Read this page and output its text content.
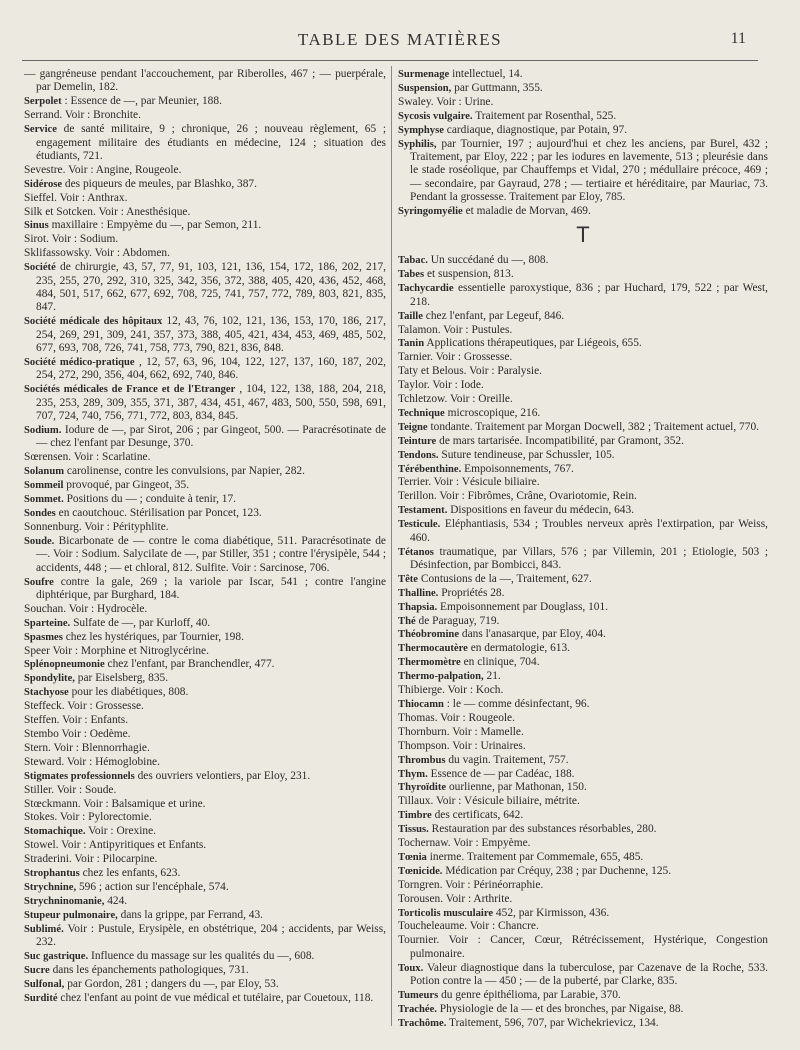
TABLE DES MATIÈRES	11
— gangréneuse pendant l'accouchement, par Riberolles, 467 ; — puerpérale, par Demelin, 182.
Serpolet : Essence de —, par Meunier, 188.
Serrand. Voir : Bronchite.
Service de santé militaire, 9 ; chronique, 26 ; nouveau règlement, 65 ; engagement militaire des étudiants en médecine, 124 ; situation des étudiants, 721.
Sevestre. Voir : Angine, Rougeole.
Sidérose des piqueurs de meules, par Blashko, 387.
Sieffel. Voir : Anthrax.
Silk et Sotcken. Voir : Anesthésique.
Sinus maxillaire : Empyème du —, par Semon, 211.
Sirot. Voir : Sodium.
Sklifassowsky. Voir : Abdomen.
Société de chirurgie, 43, 57, 77, 91, 103, 121, 136, 154, 172, 186, 202, 217, 235, 255, 270, 292, 310, 325, 342, 356, 372, 388, 405, 420, 436, 452, 468, 484, 501, 517, 662, 677, 692, 708, 725, 741, 757, 772, 789, 803, 821, 835, 847.
Société médicale des hôpitaux 12, 43, 76, 102, 121, 136, 153, 170, 186, 217, 254, 269, 291, 309, 241, 357, 373, 388, 405, 421, 434, 453, 469, 485, 502, 677, 693, 708, 726, 741, 758, 773, 790, 821, 836, 848.
Société médico-pratique , 12, 57, 63, 96, 104, 122, 127, 137, 160, 187, 202, 254, 272, 290, 356, 404, 662, 692, 740, 846.
Sociétés médicales de France et de l'Etranger , 104, 122, 138, 188, 204, 218, 235, 253, 289, 309, 355, 371, 387, 434, 451, 467, 483, 500, 550, 598, 691, 707, 724, 740, 756, 771, 772, 803, 834, 845.
Sodium. Iodure de —, par Sirot, 206 ; par Gingeot, 500. — Paracrésotinate de — chez l'enfant par Desunge, 370.
Sœrensen. Voir : Scarlatine.
Solanum carolinense, contre les convulsions, par Napier, 282.
Sommeil provoqué, par Gingeot, 35.
Sommet. Positions du — ; conduite à tenir, 17.
Sondes en caoutchouc. Stérilisation par Poncet, 123.
Sonnenburg. Voir : Pérityphlite.
Soude. Bicarbonate de — contre le coma diabétique, 511. Paracrésotinate de —. Voir : Sodium. Salycilate de —, par Stiller, 351 ; contre l'érysipèle, 544 ; accidents, 448 ; — et chloral, 812. Sulfite. Voir : Sarcinose, 706.
Soufre contre la gale, 269 ; la variole par Iscar, 541 ; contre l'angine diphtérique, par Burghard, 184.
Souchan. Voir : Hydrocèle.
Sparteine. Sulfate de —, par Kurloff, 40.
Spasmes chez les hystériques, par Tournier, 198.
Speer Voir : Morphine et Nitroglycérine.
Splénopneumonie chez l'enfant, par Branchendler, 477.
Spondylite, par Eiselsberg, 835.
Stachyose pour les diabétiques, 808.
Steffeck. Voir : Grossesse.
Steffen. Voir : Enfants.
Stembo Voir : Oedème.
Stern. Voir : Blennorrhagie.
Steward. Voir : Hémoglobine.
Stigmates professionnels des ouvriers velontiers, par Eloy, 231.
Stiller. Voir : Soude.
Stœckmann. Voir : Balsamique et urine.
Stokes. Voir : Pylorectomie.
Stomachique. Voir : Orexine.
Stowel. Voir : Antipyritiques et Enfants.
Straderini. Voir : Pilocarpine.
Strophantus chez les enfants, 623.
Strychnine, 596 ; action sur l'encéphale, 574.
Strychninomanie, 424.
Stupeur pulmonaire, dans la grippe, par Ferrand, 43.
Sublimé. Voir : Pustule, Erysipèle, en obstétrique, 204 ; accidents, par Weiss, 232.
Suc gastrique. Influence du massage sur les qualités du —, 608.
Sucre dans les épanchements pathologiques, 731.
Sulfonal, par Gordon, 281 ; dangers du —, par Eloy, 53.
Surdité chez l'enfant au point de vue médical et tutélaire, par Couetoux, 118.
Surmenage intellectuel, 14.
Suspension, par Guttmann, 355.
Swaley. Voir : Urine.
Sycosis vulgaire. Traitement par Rosenthal, 525.
Symphyse cardiaque, diagnostique, par Potain, 97.
Syphilis, par Tournier, 197 ; aujourd'hui et chez les anciens, par Burel, 432 ; Traitement, par Eloy, 222 ; par les iodures en lavemente, 513 ; pleurésie dans le stade roséolique, par Chauffemps et Vidal, 270 ; médullaire précoce, 469 ; — secondaire, par Gayraud, 278 ; — tertiaire et héréditaire, par Mauriac, 73. Pendant la grossesse. Traitement par Eloy, 785.
Syringomyélie et maladie de Morvan, 469.
T
Tabac. Un succédané du —, 808.
Tabes et suspension, 813.
Tachycardie essentielle paroxystique, 836 ; par Huchard, 179, 522 ; par West, 218.
Taille chez l'enfant, par Legeuf, 846.
Talamon. Voir : Pustules.
Tanin Applications thérapeutiques, par Liégeois, 655.
Tarnier. Voir : Grossesse.
Taty et Belous. Voir : Paralysie.
Taylor. Voir : Iode.
Tchletzow. Voir : Oreille.
Technique microscopique, 216.
Teigne tondante. Traitement par Morgan Docwell, 382 ; Traitement actuel, 770.
Teinture de mars tartarisée. Incompatibilité, par Gramont, 352.
Tendons. Suture tendineuse, par Schussler, 105.
Térébenthine. Empoisonnements, 767.
Terrier. Voir : Vésicule biliaire.
Terillon. Voir : Fibrômes, Crâne, Ovariotomie, Rein.
Testament. Dispositions en faveur du médecin, 643.
Testicule. Eléphantiasis, 534 ; Troubles nerveux après l'extirpation, par Weiss, 460.
Tétanos traumatique, par Villars, 576 ; par Villemin, 201 ; Etiologie, 503 ; Désinfection, par Bombicci, 843.
Tête Contusions de la —, Traitement, 627.
Thalline. Propriétés 28.
Thapsia. Empoisonnement par Douglass, 101.
Thé de Paraguay, 719.
Théobromine dans l'anasarque, par Eloy, 404.
Thermocautère en dermatologie, 613.
Thermomètre en clinique, 704.
Thermo-palpation, 21.
Thibierge. Voir : Koch.
Thiocamn : le — comme désinfectant, 96.
Thomas. Voir : Rougeole.
Thornburn. Voir : Mamelle.
Thompson. Voir : Urinaires.
Thrombus du vagin. Traitement, 757.
Thym. Essence de — par Cadéac, 188.
Thyroïdite ourlienne, par Mathonan, 150.
Tillaux. Voir : Vésicule biliaire, métrite.
Timbre des certificats, 642.
Tissus. Restauration par des substances résorbables, 280.
Tochernaw. Voir : Empyème.
Tœnia inerme. Traitement par Commemale, 655, 485.
Tœnicide. Médication par Créquy, 238 ; par Duchenne, 125.
Torngren. Voir : Périnéorraphie.
Torousen. Voir : Arthrite.
Torticolis musculaire 452, par Kirmisson, 436.
Toucheleaume. Voir : Chancre.
Tournier. Voir : Cancer, Cœur, Rétrécissement, Hystérique, Congestion pulmonaire.
Toux. Valeur diagnostique dans la tuberculose, par Cazenave de la Roche, 533. Potion contre la — 450 ; — de la puberté, par Clarke, 835.
Tumeurs du genre épithélioma, par Larabie, 370.
Trachée. Physiologie de la — et des bronches, par Nigaise, 88.
Trachôme. Traitement, 596, 707, par Wichekrievicz, 134.
